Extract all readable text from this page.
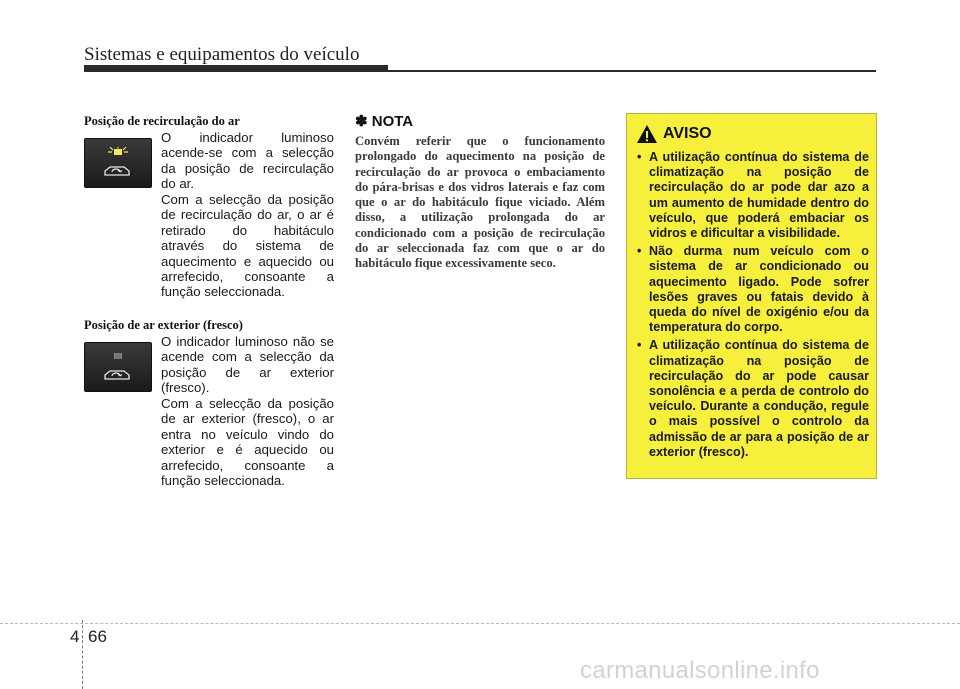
Sistemas e equipamentos do veículo
Posição de recirculação do ar

O indicador luminoso acende-se com a selecção da posição de recirculação do ar.

Com a selecção da posição de recirculação do ar, o ar é retirado do habitáculo através do sistema de aquecimento e aquecido ou arrefecido, consoante a função seleccionada.

Posição de ar exterior (fresco)

O indicador luminoso não se acende com a selecção da posição de ar exterior (fresco).

Com a selecção da posição de ar exterior (fresco), o ar entra no veículo vindo do exterior e é aquecido ou arrefecido, consoante a função seleccionada.

✽ NOTA

Convém referir que o funcionamento prolongado do aquecimento na posição de recirculação do ar provoca o embaciamento do pára-brisas e dos vidros laterais e faz com que o ar do habitáculo fique viciado. Além disso, a utilização prolongada do ar condicionado com a posição de recirculação do ar seleccionada faz com que o ar do habitáculo fique excessivamente seco.

AVISO
• A utilização contínua do sistema de climatização na posição de recirculação do ar pode dar azo a um aumento de humidade dentro do veículo, que poderá embaciar os vidros e dificultar a visibilidade.
• Não durma num veículo com o sistema de ar condicionado ou aquecimento ligado. Pode sofrer lesões graves ou fatais devido à queda do nível de oxigénio e/ou da temperatura do corpo.
• A utilização contínua do sistema de climatização na posição de recirculação do ar pode causar sonolência e a perda de controlo do veículo. Durante a condução, regule o mais possível o controlo da admissão de ar para a posição de ar exterior (fresco).
4 66
carmanualsonline.info
